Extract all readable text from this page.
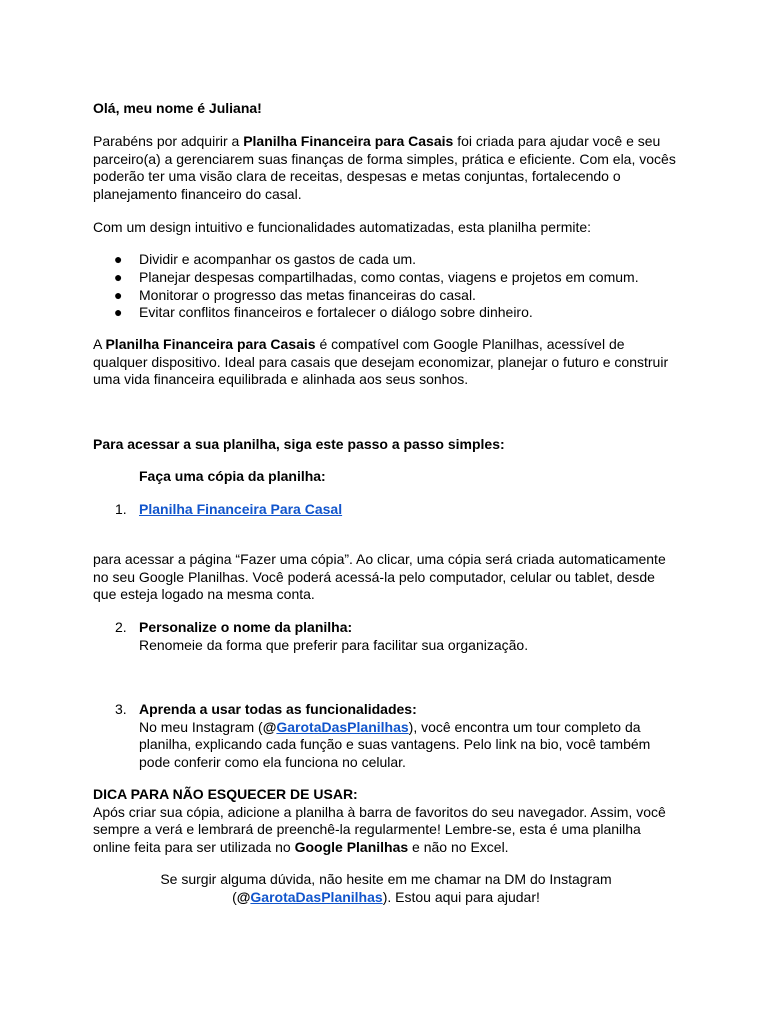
Olá, meu nome é Juliana!

Parabéns por adquirir a Planilha Financeira para Casais foi criada para ajudar você e seu parceiro(a) a gerenciarem suas finanças de forma simples, prática e eficiente. Com ela, vocês poderão ter uma visão clara de receitas, despesas e metas conjuntas, fortalecendo o planejamento financeiro do casal.

Com um design intuitivo e funcionalidades automatizadas, esta planilha permite:

● Dividir e acompanhar os gastos de cada um.
● Planejar despesas compartilhadas, como contas, viagens e projetos em comum.
● Monitorar o progresso das metas financeiras do casal.
● Evitar conflitos financeiros e fortalecer o diálogo sobre dinheiro.

A Planilha Financeira para Casais é compatível com Google Planilhas, acessível de qualquer dispositivo. Ideal para casais que desejam economizar, planejar o futuro e construir uma vida financeira equilibrada e alinhada aos seus sonhos.

Para acessar a sua planilha, siga este passo a passo simples:

Faça uma cópia da planilha:

1. Planilha Financeira Para Casal

para acessar a página “Fazer uma cópia”. Ao clicar, uma cópia será criada automaticamente no seu Google Planilhas. Você poderá acessá-la pelo computador, celular ou tablet, desde que esteja logado na mesma conta.

2. Personalize o nome da planilha:
Renomeie da forma que preferir para facilitar sua organização.
3. Aprenda a usar todas as funcionalidades:
No meu Instagram (@GarotaDasPlanilhas), você encontra um tour completo da planilha, explicando cada função e suas vantagens. Pelo link na bio, você também pode conferir como ela funciona no celular.
DICA PARA NÃO ESQUECER DE USAR:
Após criar sua cópia, adicione a planilha à barra de favoritos do seu navegador. Assim, você sempre a verá e lembrará de preenchê-la regularmente! Lembre-se, esta é uma planilha online feita para ser utilizada no Google Planilhas e não no Excel.
Se surgir alguma dúvida, não hesite em me chamar na DM do Instagram
(@GarotaDasPlanilhas). Estou aqui para ajudar!
